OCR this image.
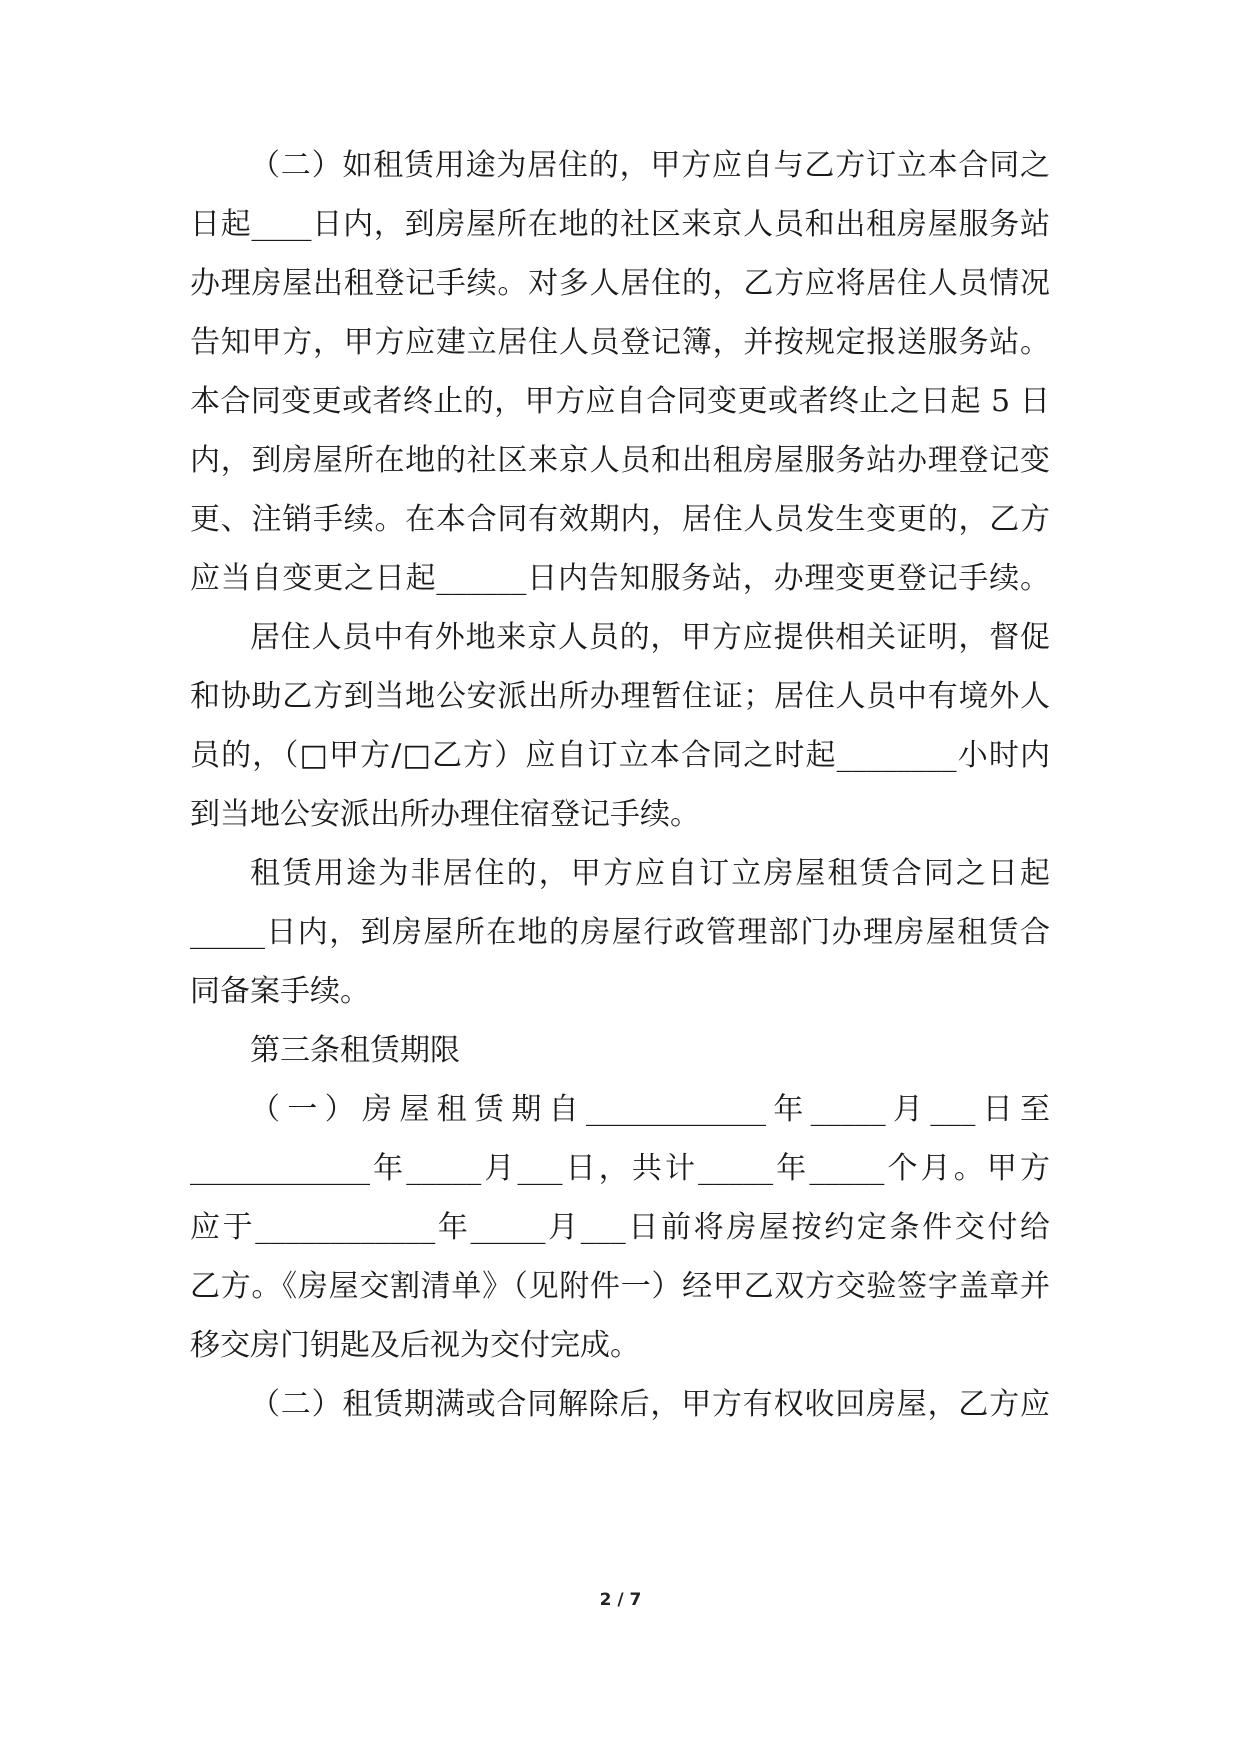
（二）如租赁用途为居住的，甲方应自与乙方订立本合同之
日起____日内，到房屋所在地的社区来京人员和出租房屋服务站
办理房屋出租登记手续。对多人居住的，乙方应将居住人员情况
告知甲方，甲方应建立居住人员登记簿，并按规定报送服务站。
本合同变更或者终止的，甲方应自合同变更或者终止之日起 5 日
内，到房屋所在地的社区来京人员和出租房屋服务站办理登记变
更、注销手续。在本合同有效期内，居住人员发生变更的，乙方
应当自变更之日起______日内告知服务站，办理变更登记手续。
居住人员中有外地来京人员的，甲方应提供相关证明，督促
和协助乙方到当地公安派出所办理暂住证；居住人员中有境外人
员的，（□甲方/□乙方）应自订立本合同之时起________小时内
到当地公安派出所办理住宿登记手续。
租赁用途为非居住的，甲方应自订立房屋租赁合同之日起
_____日内，到房屋所在地的房屋行政管理部门办理房屋租赁合
同备案手续。
第三条租赁期限
（一）房屋租赁期自____________年_____月___日至
____________年_____月___日，共计_____年_____个月。甲方
应于____________年_____月___日前将房屋按约定条件交付给
乙方。《房屋交割清单》（见附件一）经甲乙双方交验签字盖章并
移交房门钥匙及后视为交付完成。
（二）租赁期满或合同解除后，甲方有权收回房屋，乙方应
2 / 7
